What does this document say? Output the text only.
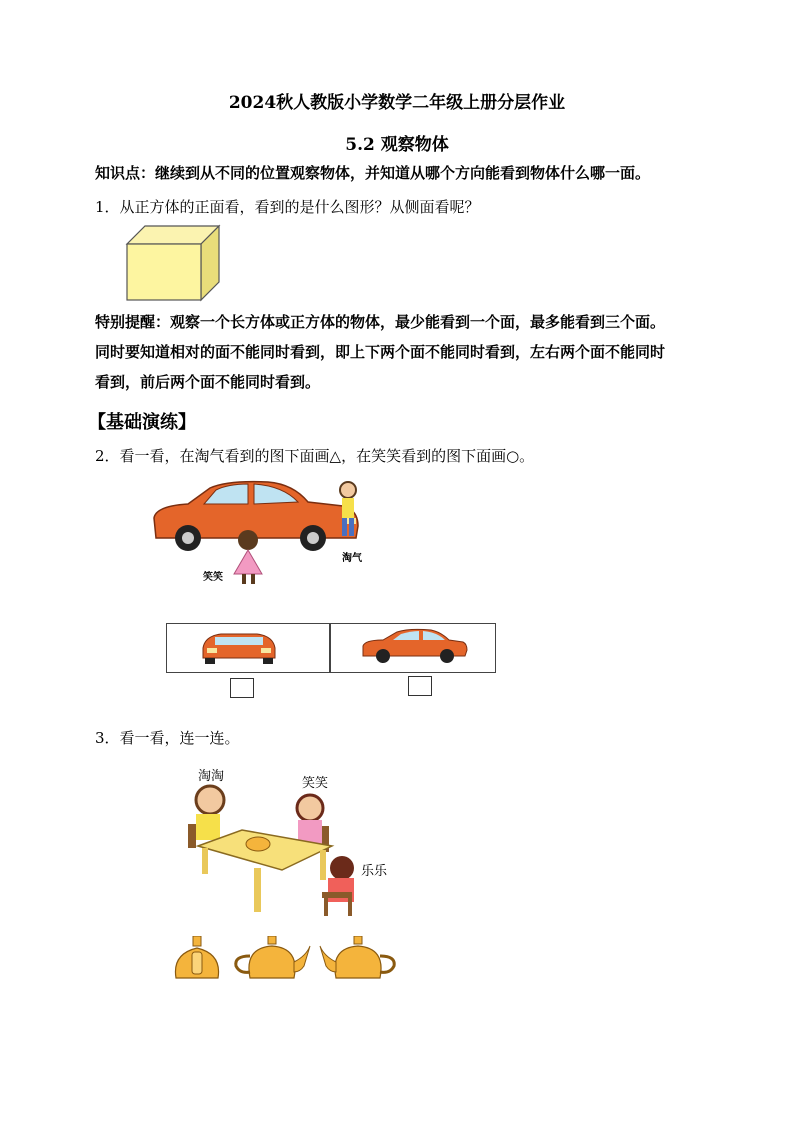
2024秋人教版小学数学二年级上册分层作业
5.2 观察物体
知识点：继续到从不同的位置观察物体，并知道从哪个方向能看到物体什么哪一面。
1．从正方体的正面看，看到的是什么图形？从侧面看呢？
特别提醒：观察一个长方体或正方体的物体，最少能看到一个面，最多能看到三个面。
同时要知道相对的面不能同时看到，即上下两个面不能同时看到，左右两个面不能同时
看到，前后两个面不能同时看到。
【基础演练】
2．看一看，在淘气看到的图下面画△，在笑笑看到的图下面画○。
笑笑
淘气
3．看一看，连一连。
淘淘	笑笑
乐乐
